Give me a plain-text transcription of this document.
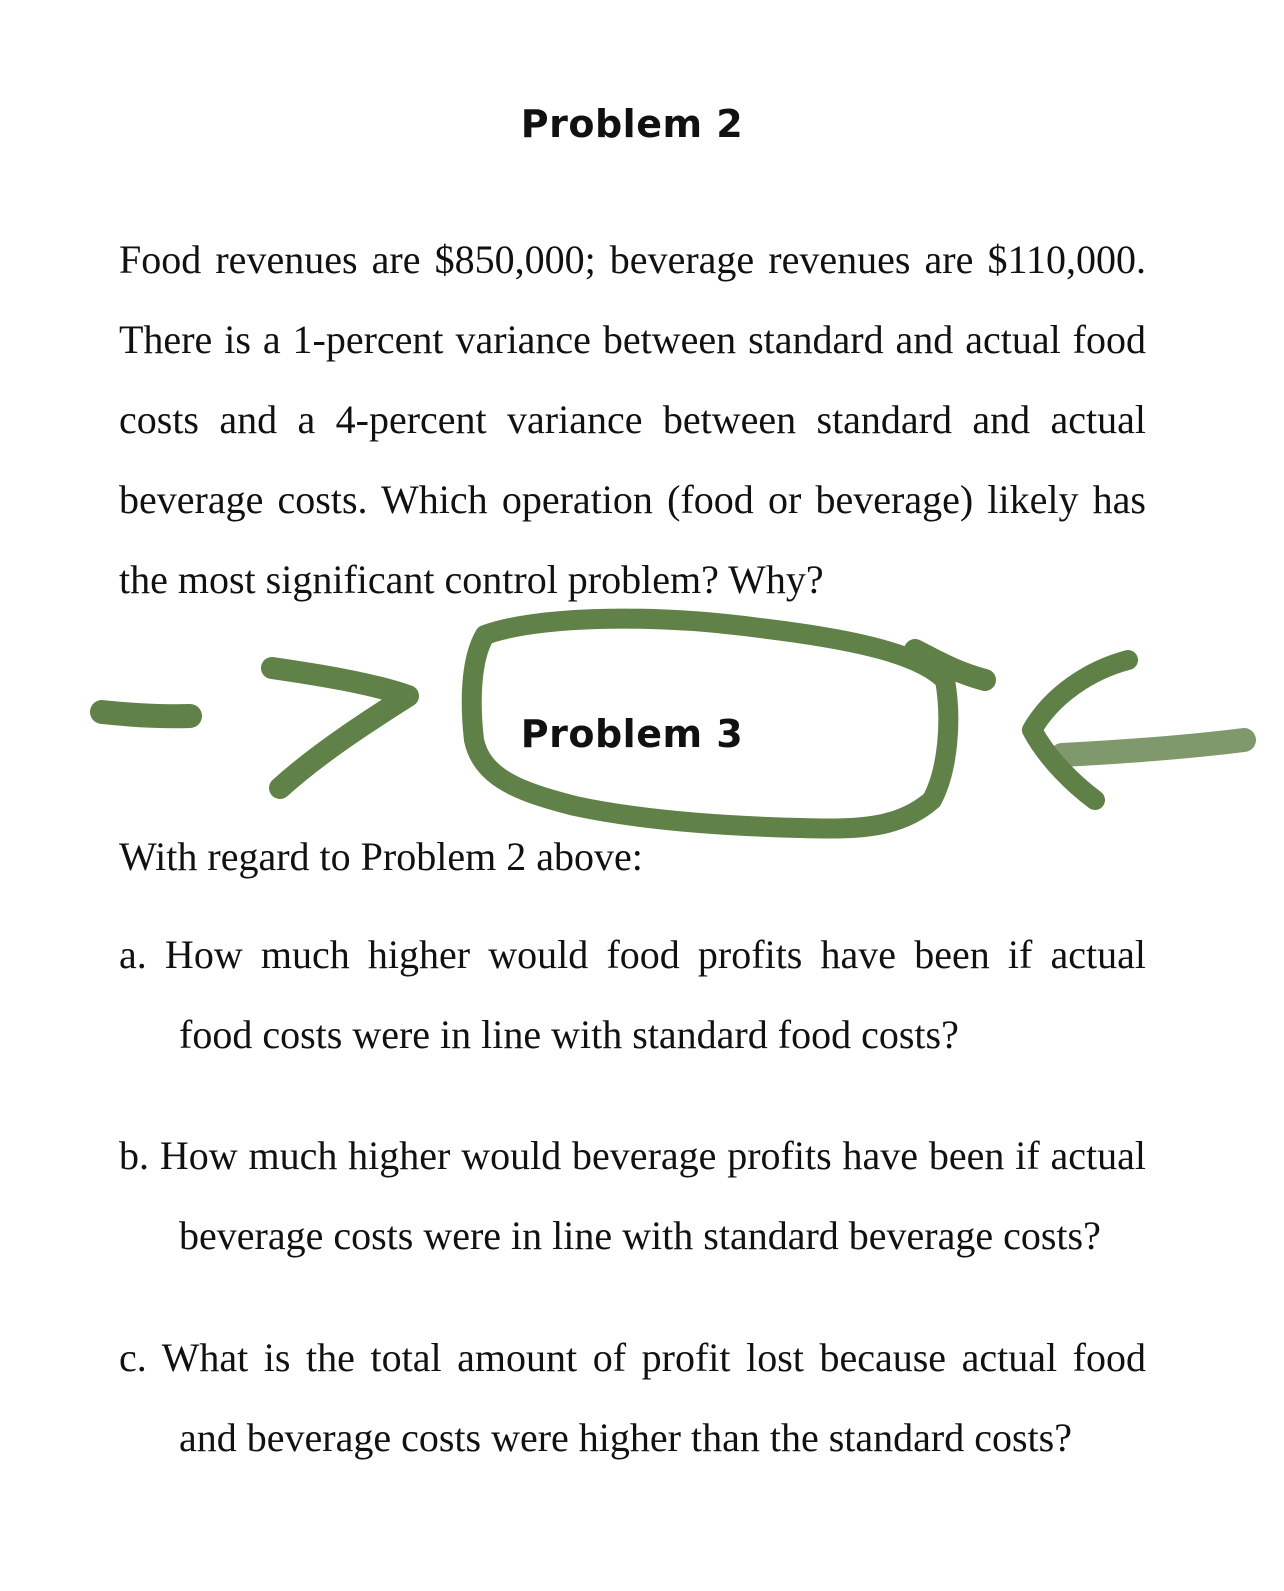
Problem 2

Food revenues are $850,000; beverage revenues are $110,000. There is a 1-percent variance between standard and actual food costs and a 4-percent variance between standard and actual beverage costs. Which operation (food or beverage) likely has the most significant control problem? Why?

Problem 3

With regard to Problem 2 above:

a. How much higher would food profits have been if actual food costs were in line with standard food costs?

b. How much higher would beverage profits have been if actual beverage costs were in line with standard beverage costs?

c. What is the total amount of profit lost because actual food and beverage costs were higher than the standard costs?
